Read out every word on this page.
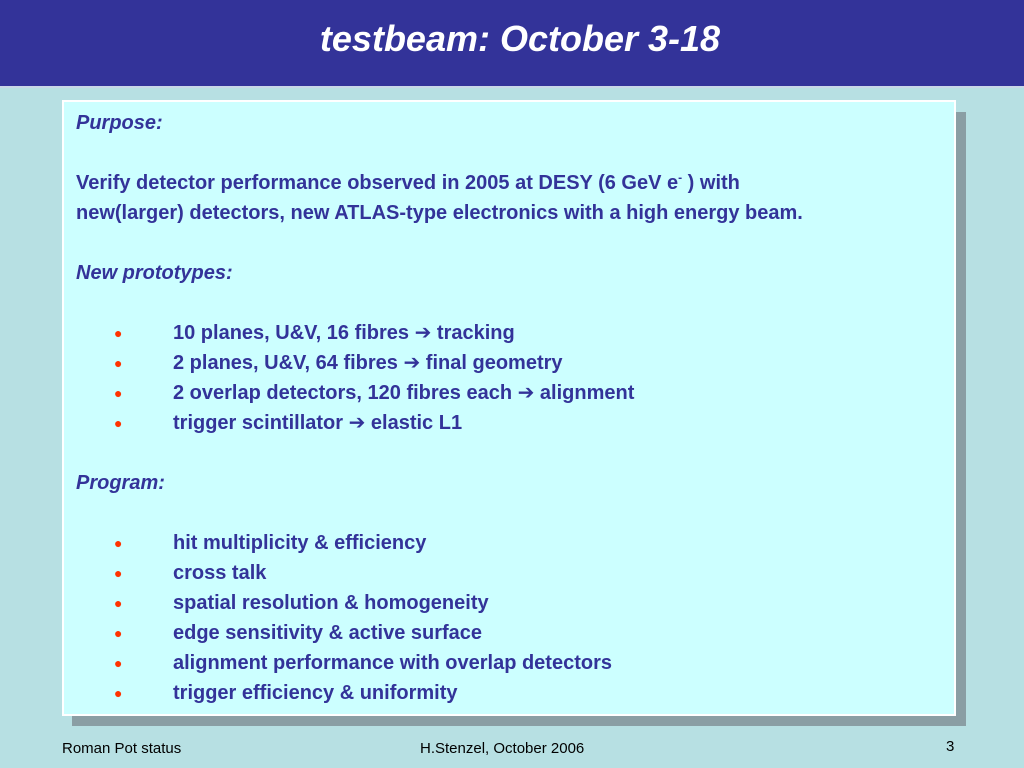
testbeam: October 3-18
Purpose:
Verify detector performance observed in 2005 at DESY (6 GeV e- ) with
new(larger) detectors, new ATLAS-type electronics with a high energy beam.
New prototypes:
●	10 planes, U&V, 16 fibres ➔ tracking
●	2 planes, U&V, 64 fibres ➔ final geometry
●	2 overlap detectors, 120 fibres each ➔ alignment
●	trigger scintillator ➔ elastic L1
Program:
●	hit multiplicity & efficiency
●	cross talk
●	spatial resolution & homogeneity
●	edge sensitivity & active surface
●	alignment performance with overlap detectors
●	trigger efficiency & uniformity
Roman Pot status	H.Stenzel, October 2006	3
